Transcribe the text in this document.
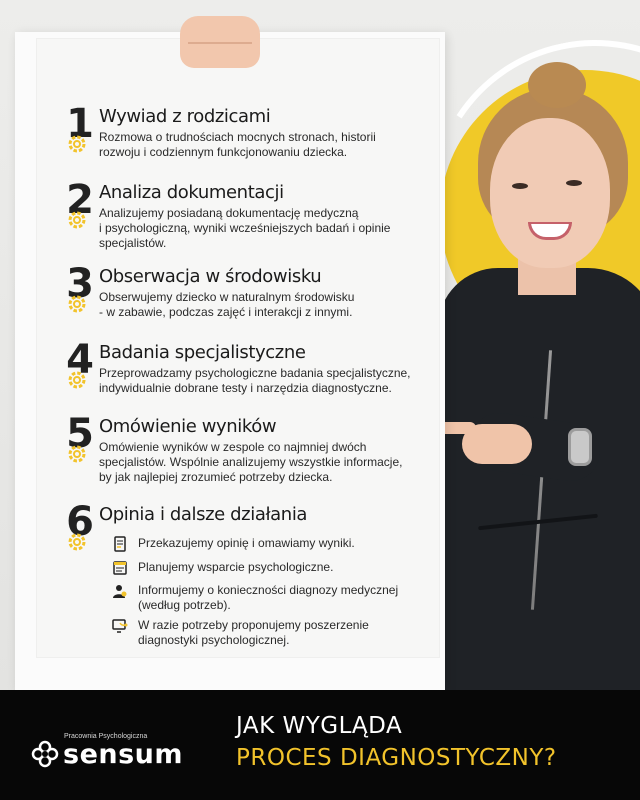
1 Wywiad z rodzicami
Rozmowa o trudnościach mocnych stronach, historii
rozwoju i codziennym funkcjonowaniu dziecka.
2 Analiza dokumentacji
Analizujemy posiadaną dokumentację medyczną
i psychologiczną, wyniki wcześniejszych badań i opinie
specjalistów.
3 Obserwacja w środowisku
Obserwujemy dziecko w naturalnym środowisku
- w zabawie, podczas zajęć i interakcji z innymi.
4 Badania specjalistyczne
Przeprowadzamy psychologiczne badania specjalistyczne,
indywidualnie dobrane testy i narzędzia diagnostyczne.
5 Omówienie wyników
Omówienie wyników w zespole co najmniej dwóch
specjalistów. Wspólnie analizujemy wszystkie informacje,
by jak najlepiej zrozumieć potrzeby dziecka.
6 Opinia i dalsze działania
Przekazujemy opinię i omawiamy wyniki.
Planujemy wsparcie psychologiczne.
Informujemy o konieczności diagnozy medycznej
(według potrzeb).
W razie potrzeby proponujemy poszerzenie
diagnostyki psychologicznej.
Pracownia Psychologiczna
sensum
JAK WYGLĄDA
PROCES DIAGNOSTYCZNY?
